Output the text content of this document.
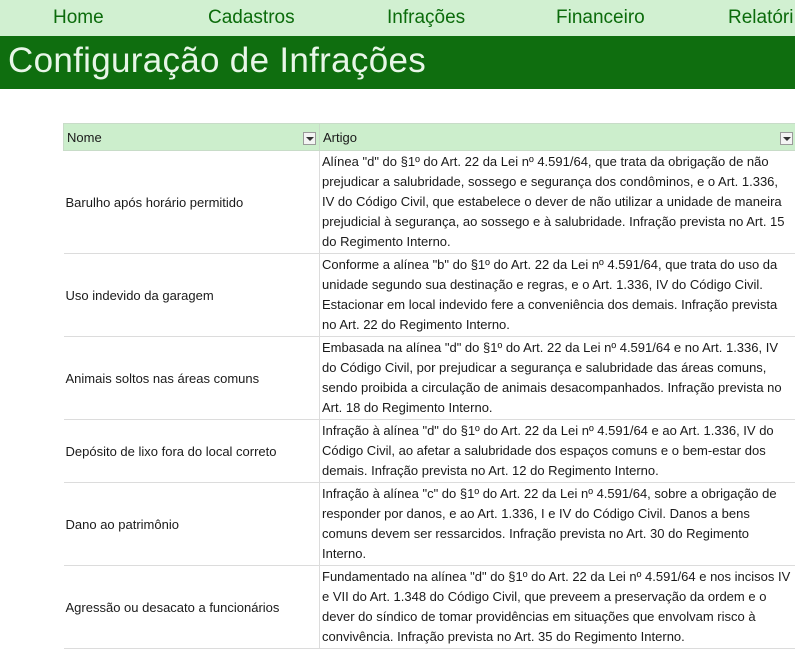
Home	Cadastros	Infrações	Financeiro	Relatóri
Configuração de Infrações
Nome	Artigo

Barulho após horário permitido	Alínea "d" do §1º do Art. 22 da Lei nº 4.591/64, que trata da obrigação de não prejudicar a salubridade, sossego e segurança dos condôminos, e o Art. 1.336, IV do Código Civil, que estabelece o dever de não utilizar a unidade de maneira prejudicial à segurança, ao sossego e à salubridade. Infração prevista no Art. 15 do Regimento Interno.
Uso indevido da garagem	Conforme a alínea "b" do §1º do Art. 22 da Lei nº 4.591/64, que trata do uso da unidade segundo sua destinação e regras, e o Art. 1.336, IV do Código Civil. Estacionar em local indevido fere a conveniência dos demais. Infração prevista no Art. 22 do Regimento Interno.
Animais soltos nas áreas comuns	Embasada na alínea "d" do §1º do Art. 22 da Lei nº 4.591/64 e no Art. 1.336, IV do Código Civil, por prejudicar a segurança e salubridade das áreas comuns, sendo proibida a circulação de animais desacompanhados. Infração prevista no Art. 18 do Regimento Interno.
Depósito de lixo fora do local correto	Infração à alínea "d" do §1º do Art. 22 da Lei nº 4.591/64 e ao Art. 1.336, IV do Código Civil, ao afetar a salubridade dos espaços comuns e o bem-estar dos demais. Infração prevista no Art. 12 do Regimento Interno.
Dano ao patrimônio	Infração à alínea "c" do §1º do Art. 22 da Lei nº 4.591/64, sobre a obrigação de responder por danos, e ao Art. 1.336, I e IV do Código Civil. Danos a bens comuns devem ser ressarcidos. Infração prevista no Art. 30 do Regimento Interno.
Agressão ou desacato a funcionários	Fundamentado na alínea "d" do §1º do Art. 22 da Lei nº 4.591/64 e nos incisos IV e VII do Art. 1.348 do Código Civil, que preveem a preservação da ordem e o dever do síndico de tomar providências em situações que envolvam risco à convivência. Infração prevista no Art. 35 do Regimento Interno.
